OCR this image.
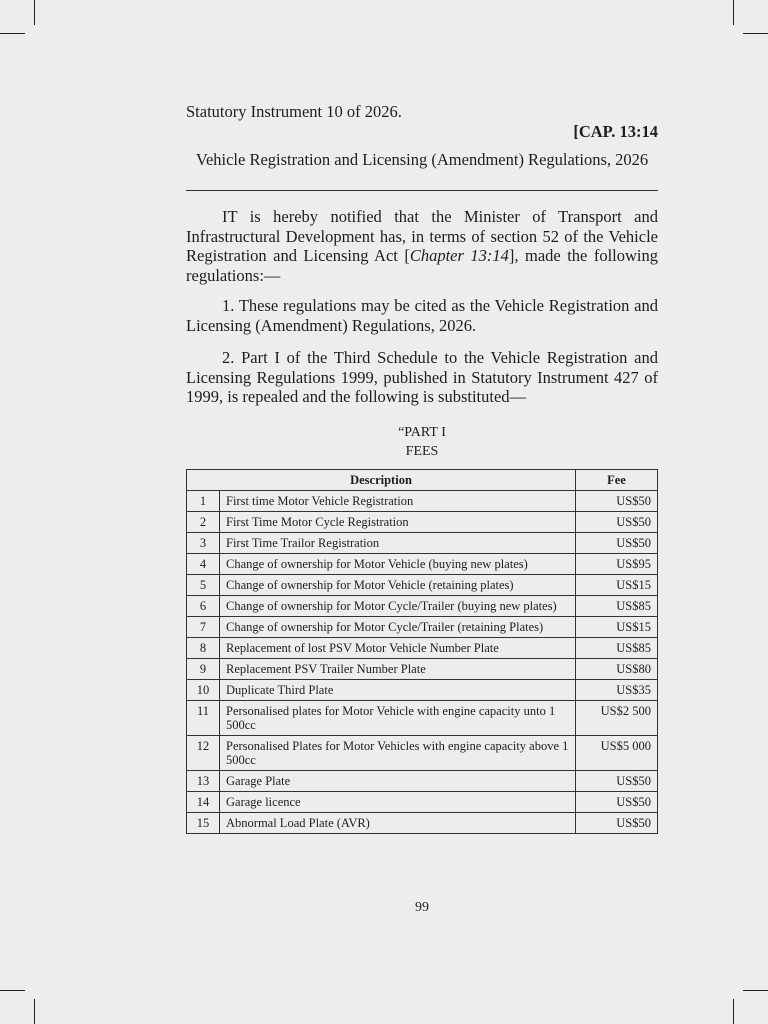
Statutory Instrument 10 of 2026.
[CAP. 13:14
Vehicle Registration and Licensing (Amendment) Regulations, 2026

IT is hereby notified that the Minister of Transport and Infrastructural Development has, in terms of section 52 of the Vehicle Registration and Licensing Act [Chapter 13:14], made the following regulations:—

1. These regulations may be cited as the Vehicle Registration and Licensing (Amendment) Regulations, 2026.

2. Part I of the Third Schedule to the Vehicle Registration and Licensing Regulations 1999, published in Statutory Instrument 427 of 1999, is repealed and the following is substituted—

“PART I
FEES
Description		Fee
1	First time Motor Vehicle Registration	US$50
2	First Time Motor Cycle Registration	US$50
3	First Time Trailor Registration	US$50
4	Change of ownership for Motor Vehicle (buying new plates)	US$95
5	Change of ownership for Motor Vehicle (retaining plates)	US$15
6	Change of ownership for Motor Cycle/Trailer (buying new plates)	US$85
7	Change of ownership for Motor Cycle/Trailer (retaining Plates)	US$15
8	Replacement of lost PSV Motor Vehicle Number Plate	US$85
9	Replacement PSV Trailer Number Plate	US$80
10	Duplicate Third Plate	US$35
11	Personalised plates for Motor Vehicle with engine capacity unto 1 500cc	US$2 500
12	Personalised Plates for Motor Vehicles with engine capacity above 1 500cc	US$5 000
13	Garage Plate	US$50
14	Garage licence	US$50
15	Abnormal Load Plate (AVR)	US$50
99
